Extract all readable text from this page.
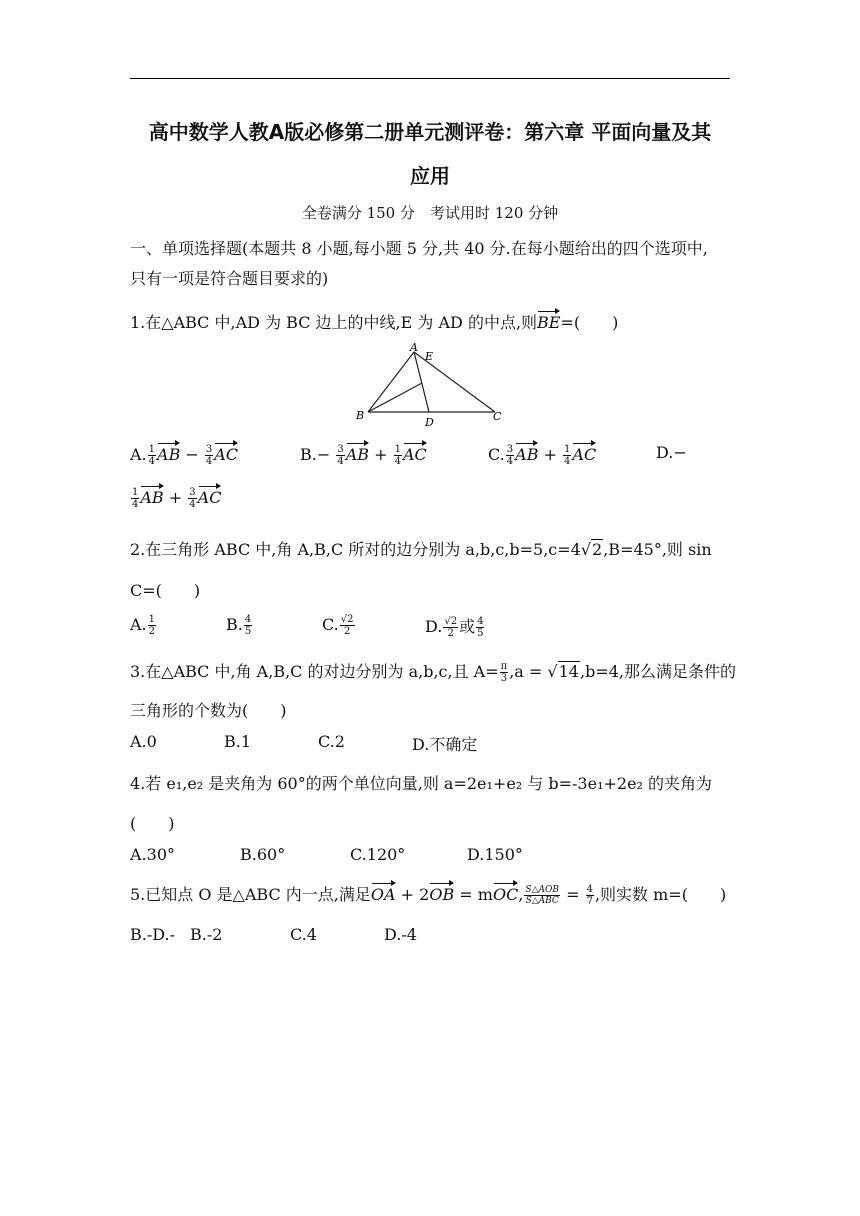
高中数学人教A版必修第二册单元测评卷：第六章 平面向量及其
应用
全卷满分 150 分　考试用时 120 分钟
一、单项选择题(本题共 8 小题,每小题 5 分,共 40 分.在每小题给出的四个选项中,
只有一项是符合题目要求的)
1.在△ABC 中,AD 为 BC 边上的中线,E 为 AD 的中点,则BE=(　　)
A
B	C
D
E
A. $\frac{1}{4}$ AB − $\frac{3}{4}$ AC	$B.- \frac{3}{4}$ AB + $\frac{1}{4}$ AC	C. $\frac{3}{4}$ AB + $\frac{1}{4}$ AC	D.−
$\frac{1}{4}$ AB + $\frac{3}{4}$ AC
2.在三角形 ABC 中,角 A,B,C 所对的边分别为 a,b,c,b=5,c=4√2,B=45°,则 sin
C=(　　)
A. $\frac{1}{2}$	B. $\frac{4}{5}$	C. $\frac{√2}{2}$	D. $\frac{√2}{2}$ 或 $\frac{4}{5}$
3.在△ABC 中,角 A,B,C 的对边分别为 a,b,c,且 $A= \frac{\pi}{3} ,a = √14,b=4$,那么满足条件的
三角形的个数为(　　)
A.0	B.1	C.2	D.不确定
4.若 e₁,e₂ 是夹角为 60°的两个单位向量,则 a=2e₁+e₂ 与 b=-3e₁+2e₂ 的夹角为
(　　)
A.30°	B.60°	C.120°	D.150°
5.已知点 O 是△ABC 内一点,满足OA + 2OB = mOC, $\frac{\text{S△AOB}}{\text{S△ABC}} = \frac{4}{7}$ ,则实数 m=(　　)
B.-D.- B.-2	C.4	D.-4
